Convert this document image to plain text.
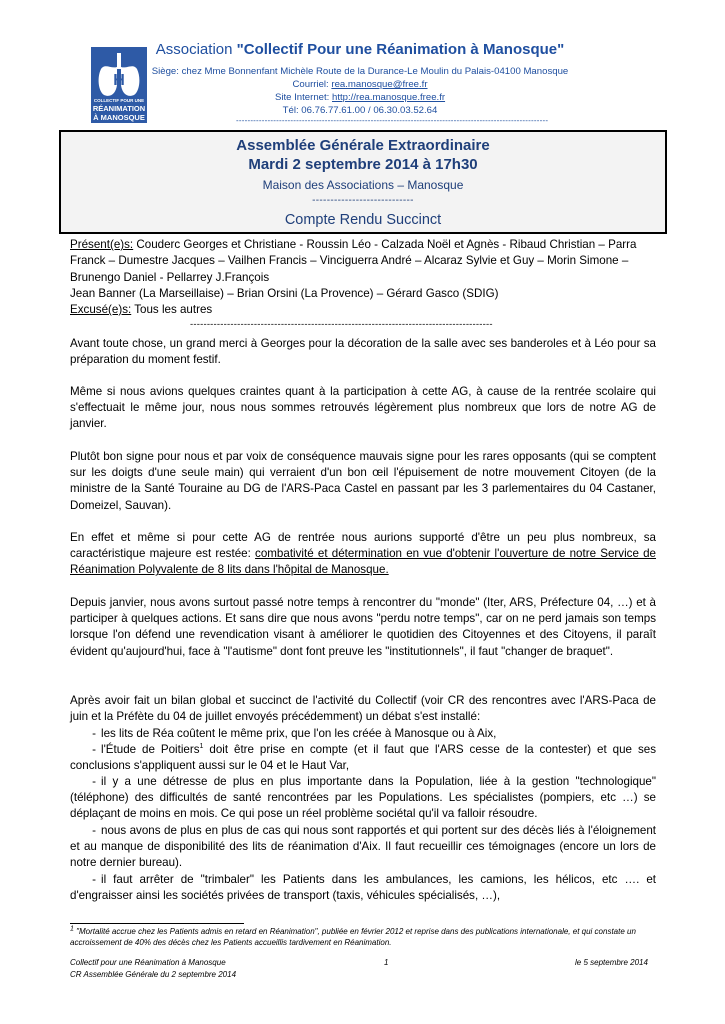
H
COLLECTIF POUR UNE
RÉANIMATION
À MANOSQUE
Association "Collectif Pour une Réanimation à Manosque"
Siège: chez Mme Bonnenfant Michèle Route de la Durance-Le Moulin du Palais-04100 Manosque
Courriel: rea.manosque@free.fr
Site Internet: http://rea.manosque.free.fr
Tél: 06.76.77.61.00 / 06.30.03.52.64
-------------------------------------------------------------------------------------------------------------
Assemblée Générale Extraordinaire
Mardi 2 septembre 2014 à 17h30
Maison des Associations – Manosque
----------------------------
Compte Rendu Succinct
Présent(e)s: Couderc Georges et Christiane - Roussin Léo - Calzada Noël et Agnès - Ribaud Christian – Parra
Franck – Dumestre Jacques – Vailhen Francis – Vinciguerra André – Alcaraz Sylvie et Guy – Morin Simone –
Brunengo Daniel - Pellarrey J.François
Jean Banner (La Marseillaise) – Brian Orsini (La Provence) – Gérard Gasco (SDIG)
Excusé(e)s: Tous les autres
------------------------------------------------------------------------------------------
Avant toute chose, un grand merci à Georges pour la décoration de la salle avec ses banderoles et à Léo pour sa préparation du moment festif.
Même si nous avions quelques craintes quant à la participation à cette AG, à cause de la rentrée scolaire qui s'effectuait le même jour, nous nous sommes retrouvés légèrement plus nombreux que lors de notre AG de janvier.
Plutôt bon signe pour nous et par voix de conséquence mauvais signe pour les rares opposants (qui se comptent sur les doigts d'une seule main) qui verraient d'un bon œil l'épuisement de notre mouvement Citoyen (de la ministre de la Santé Touraine au DG de l'ARS-Paca Castel en passant par les 3 parlementaires du 04 Castaner, Domeizel, Sauvan).
En effet et même si pour cette AG de rentrée nous aurions supporté d'être un peu plus nombreux, sa caractéristique majeure est restée: combativité et détermination en vue d'obtenir l'ouverture de notre Service de Réanimation Polyvalente de 8 lits dans l'hôpital de Manosque.
Depuis janvier, nous avons surtout passé notre temps à rencontrer du "monde" (Iter, ARS, Préfecture 04, …) et à participer à quelques actions. Et sans dire que nous avons "perdu notre temps", car on ne perd jamais son temps lorsque l'on défend une revendication visant à améliorer le quotidien des Citoyennes et des Citoyens, il paraît évident qu'aujourd'hui, face à "l'autisme" dont font preuve les "institutionnels", il faut "changer de braquet".
Après avoir fait un bilan global et succinct de l'activité du Collectif (voir CR des rencontres avec l'ARS-Paca de juin et la Préfète du 04 de juillet envoyés précédemment) un débat s'est installé:
- les lits de Réa coûtent le même prix, que l'on les créée à Manosque ou à Aix,
- l'Étude de Poitiers$^1$ doit être prise en compte (et il faut que l'ARS cesse de la contester) et que ses conclusions s'appliquent aussi sur le 04 et le Haut Var,
- il y a une détresse de plus en plus importante dans la Population, liée à la gestion "technologique" (téléphone) des difficultés de santé rencontrées par les Populations. Les spécialistes (pompiers, etc …) se déplaçant de moins en mois. Ce qui pose un réel problème sociétal qu'il va falloir résoudre.
- nous avons de plus en plus de cas qui nous sont rapportés et qui portent sur des décès liés à l'éloignement et au manque de disponibilité des lits de réanimation d'Aix. Il faut recueillir ces témoignages (encore un lors de notre dernier bureau).
- il faut arrêter de "trimbaler" les Patients dans les ambulances, les camions, les hélicos, etc …. et d'engraisser ainsi les sociétés privées de transport (taxis, véhicules spécialisés, …),
$^1$ "Mortalité accrue chez les Patients admis en retard en Réanimation", publiée en février 2012 et reprise dans des publications internationale, et qui constate un accroissement de 40% des décès chez les Patients accueillis tardivement en Réanimation.
Collectif pour une Réanimation à Manosque
CR Assemblée Générale du 2 septembre 2014
1	le 5 septembre 2014
